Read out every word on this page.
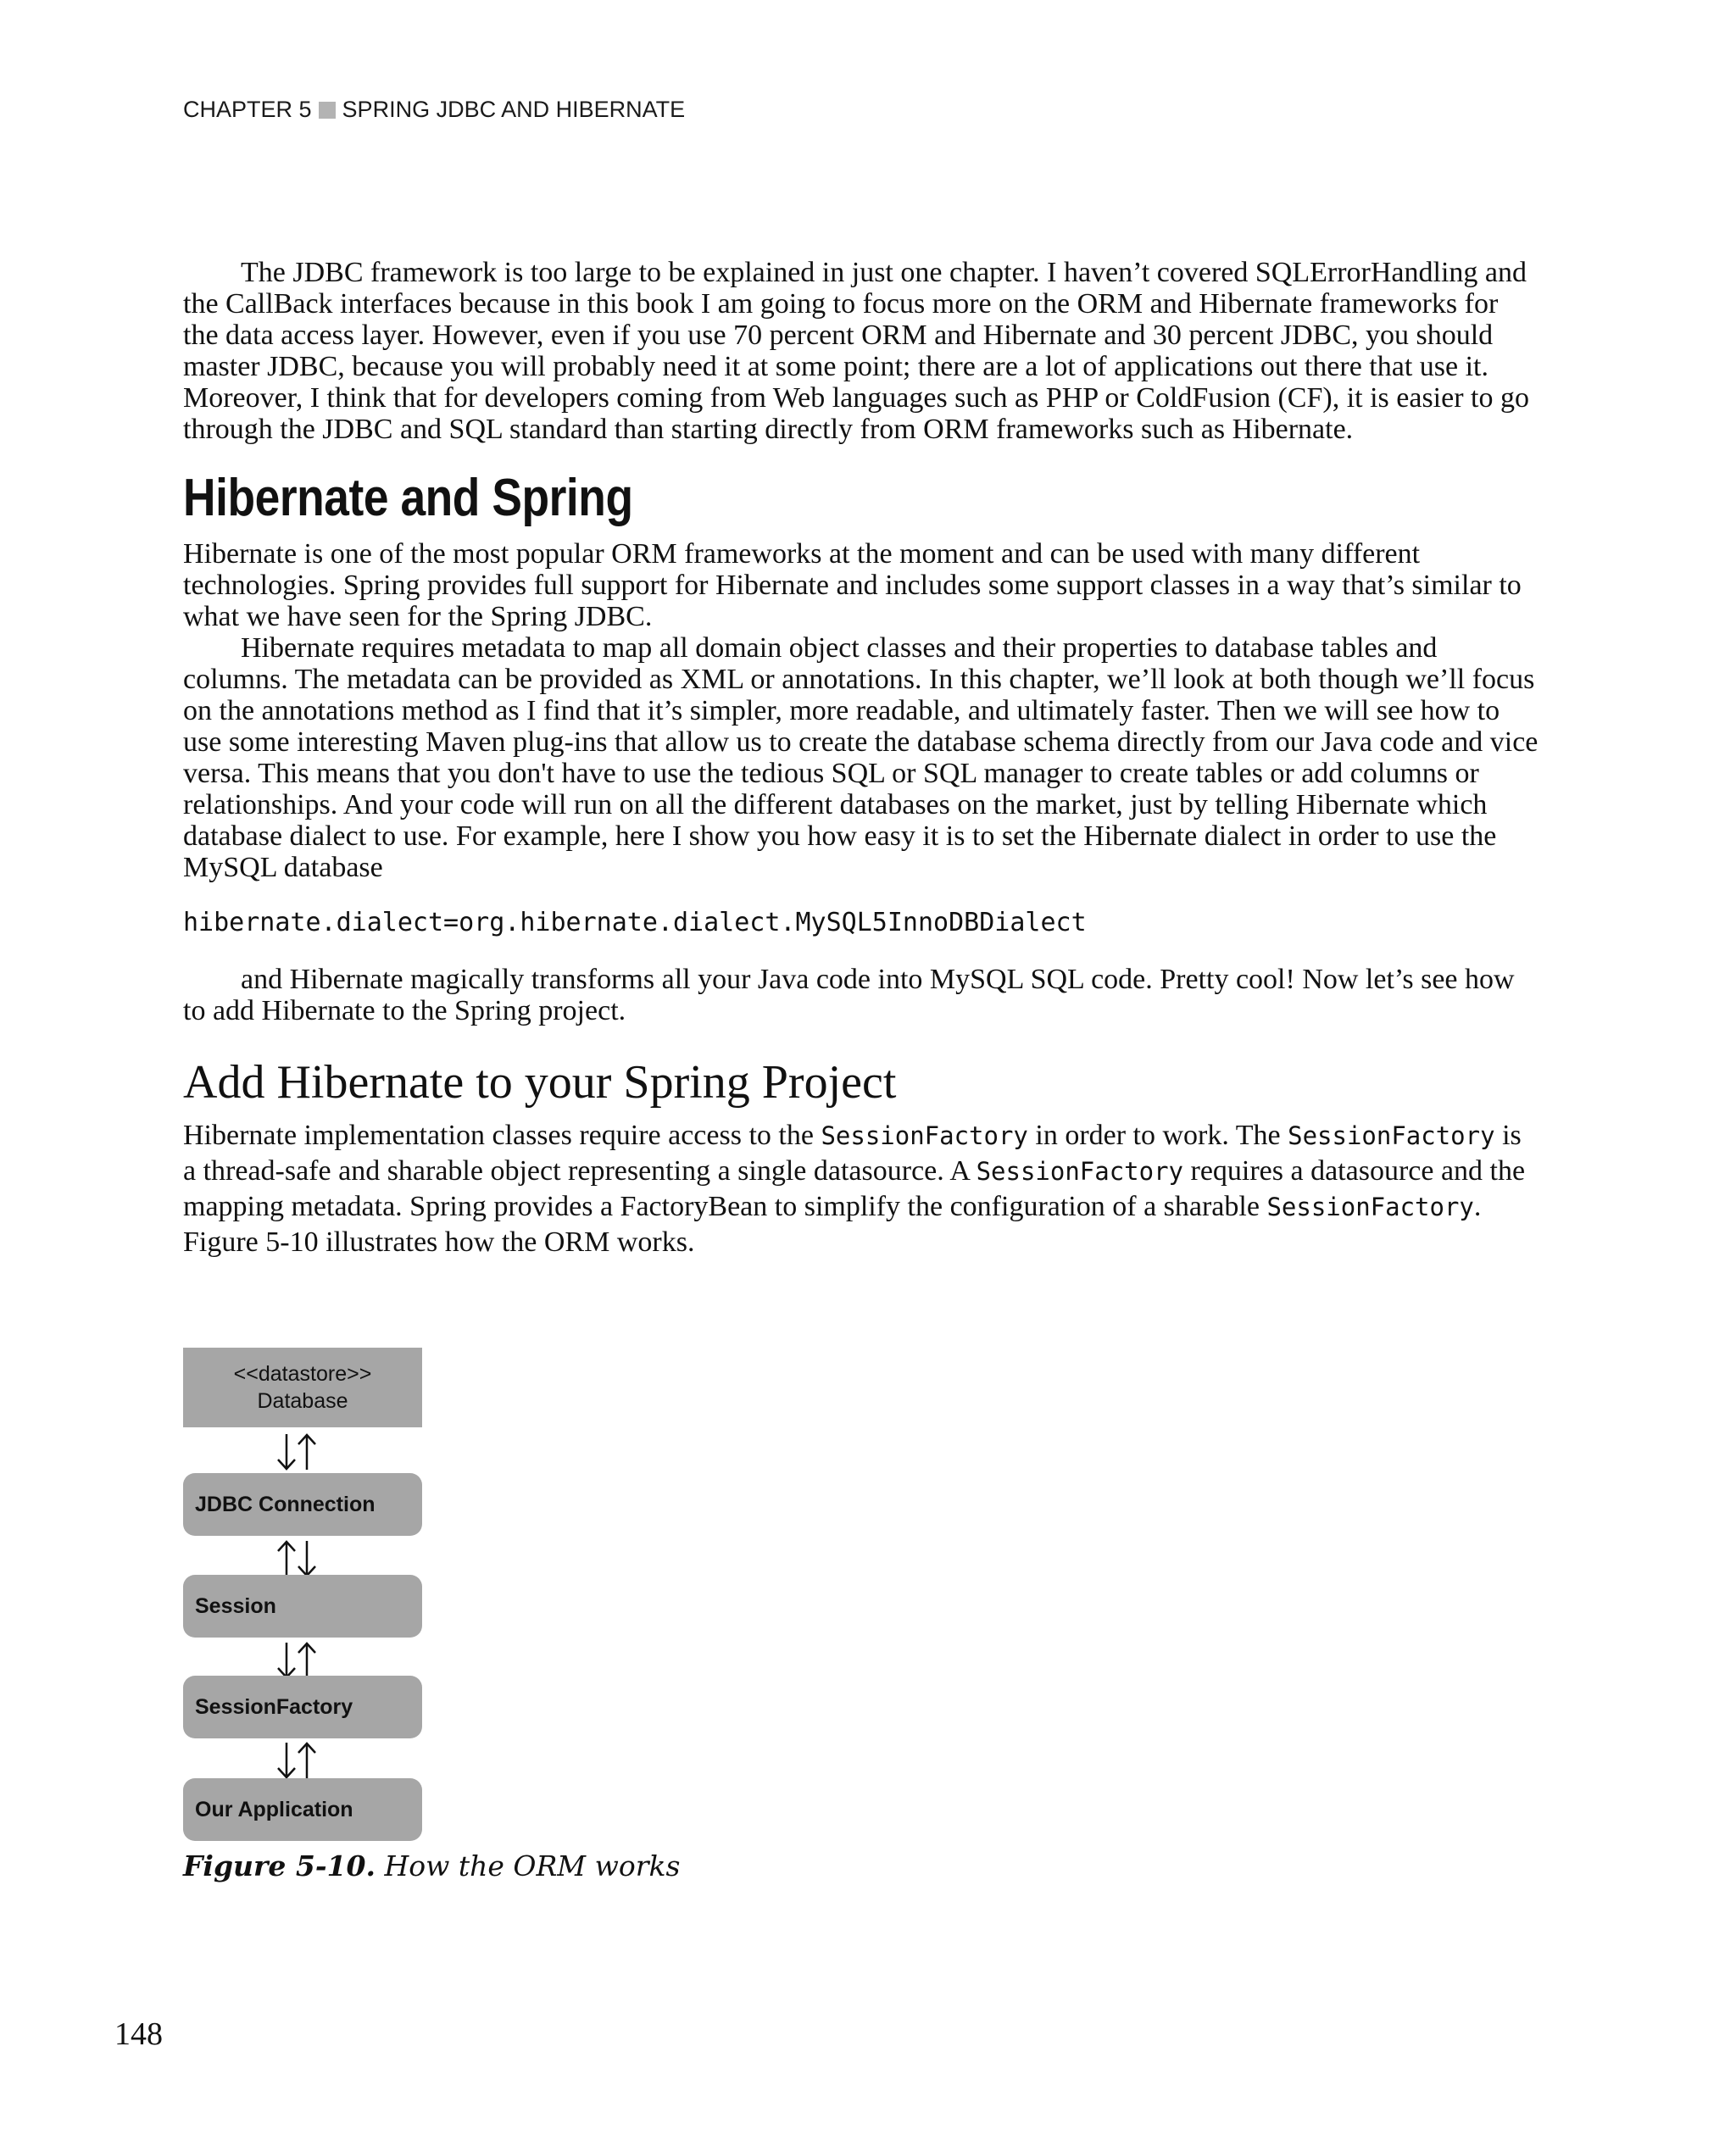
CHAPTER 5 SPRING JDBC AND HIBERNATE

The JDBC framework is too large to be explained in just one chapter. I haven’t covered SQLErrorHandling and the CallBack interfaces because in this book I am going to focus more on the ORM and Hibernate frameworks for the data access layer. However, even if you use 70 percent ORM and Hibernate and 30 percent JDBC, you should master JDBC, because you will probably need it at some point; there are a lot of applications out there that use it. Moreover, I think that for developers coming from Web languages such as PHP or ColdFusion (CF), it is easier to go through the JDBC and SQL standard than starting directly from ORM frameworks such as Hibernate.

Hibernate and Spring

Hibernate is one of the most popular ORM frameworks at the moment and can be used with many different technologies. Spring provides full support for Hibernate and includes some support classes in a way that’s similar to what we have seen for the Spring JDBC.

Hibernate requires metadata to map all domain object classes and their properties to database tables and columns. The metadata can be provided as XML or annotations. In this chapter, we’ll look at both though we’ll focus on the annotations method as I find that it’s simpler, more readable, and ultimately faster. Then we will see how to use some interesting Maven plug-ins that allow us to create the database schema directly from our Java code and vice versa. This means that you don't have to use the tedious SQL or SQL manager to create tables or add columns or relationships. And your code will run on all the different databases on the market, just by telling Hibernate which database dialect to use. For example, here I show you how easy it is to set the Hibernate dialect in order to use the MySQL database

hibernate.dialect=org.hibernate.dialect.MySQL5InnoDBDialect

and Hibernate magically transforms all your Java code into MySQL SQL code. Pretty cool! Now let’s see how to add Hibernate to the Spring project.

Add Hibernate to your Spring Project

Hibernate implementation classes require access to the SessionFactory in order to work. The SessionFactory is a thread-safe and sharable object representing a single datasource. A SessionFactory requires a datasource and the mapping metadata. Spring provides a FactoryBean to simplify the configuration of a sharable SessionFactory. Figure 5-10 illustrates how the ORM works.

<<datastore>>
Database
JDBC Connection
Session
SessionFactory
Our Application
Figure 5-10. How the ORM works
148
